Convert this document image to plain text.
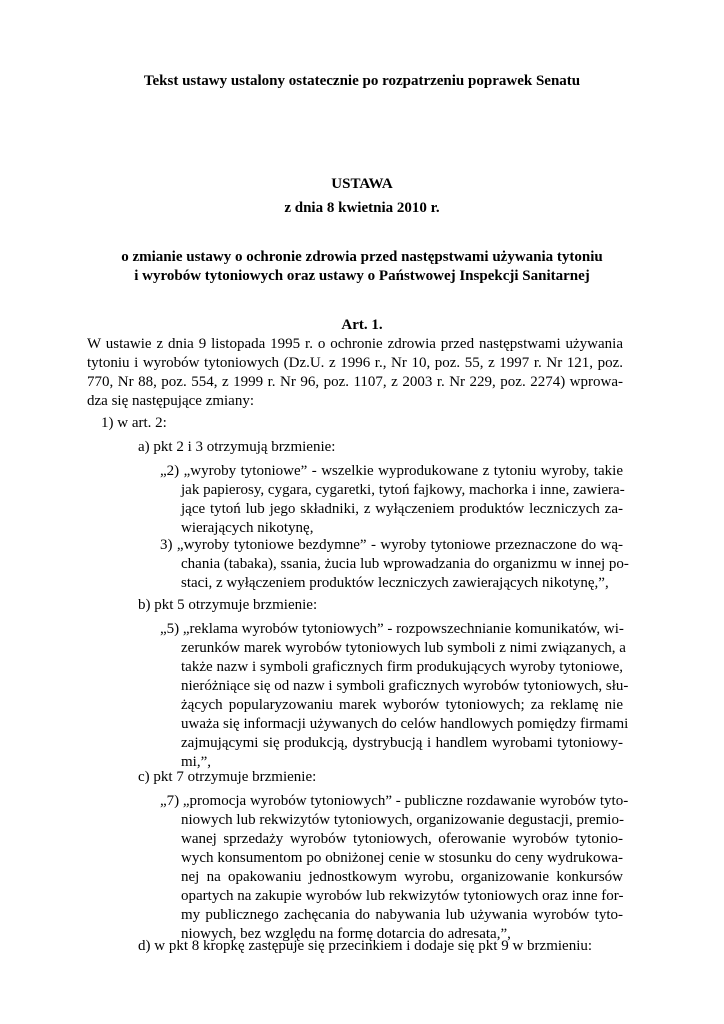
Tekst ustawy ustalony ostatecznie po rozpatrzeniu poprawek Senatu
USTAWA
z dnia 8 kwietnia 2010 r.
o zmianie ustawy o ochronie zdrowia przed następstwami używania tytoniu
i wyrobów tytoniowych oraz ustawy o Państwowej Inspekcji Sanitarnej
Art. 1.
W ustawie z dnia 9 listopada 1995 r. o ochronie zdrowia przed następstwami używania
tytoniu i wyrobów tytoniowych (Dz.U. z 1996 r., Nr 10, poz. 55, z 1997 r. Nr 121, poz.
770, Nr 88, poz. 554, z 1999 r. Nr 96, poz. 1107, z 2003 r. Nr 229, poz. 2274) wprowa-
dza się następujące zmiany:
1) w art. 2:
a) pkt 2 i 3 otrzymują brzmienie:
„2) „wyroby tytoniowe” - wszelkie wyprodukowane z tytoniu wyroby, takie
jak papierosy, cygara, cygaretki, tytoń fajkowy, machorka i inne, zawiera-
jące tytoń lub jego składniki, z wyłączeniem produktów leczniczych za-
wierających nikotynę,
3) „wyroby tytoniowe bezdymne” - wyroby tytoniowe przeznaczone do wą-
chania (tabaka), ssania, żucia lub wprowadzania do organizmu w innej po-
staci, z wyłączeniem produktów leczniczych zawierających nikotynę,”,
b) pkt 5 otrzymuje brzmienie:
„5) „reklama wyrobów tytoniowych” - rozpowszechnianie komunikatów, wi-
zerunków marek wyrobów tytoniowych lub symboli z nimi związanych, a
także nazw i symboli graficznych firm produkujących wyroby tytoniowe,
nieróżniące się od nazw i symboli graficznych wyrobów tytoniowych, słu-
żących popularyzowaniu marek wyborów tytoniowych; za reklamę nie
uważa się informacji używanych do celów handlowych pomiędzy firmami
zajmującymi się produkcją, dystrybucją i handlem wyrobami tytoniowy-
mi,”,
c) pkt 7 otrzymuje brzmienie:
„7) „promocja wyrobów tytoniowych” - publiczne rozdawanie wyrobów tyto-
niowych lub rekwizytów tytoniowych, organizowanie degustacji, premio-
wanej sprzedaży wyrobów tytoniowych, oferowanie wyrobów tytonio-
wych konsumentom po obniżonej cenie w stosunku do ceny wydrukowa-
nej na opakowaniu jednostkowym wyrobu, organizowanie konkursów
opartych na zakupie wyrobów lub rekwizytów tytoniowych oraz inne for-
my publicznego zachęcania do nabywania lub używania wyrobów tyto-
niowych, bez względu na formę dotarcia do adresata,”,
d) w pkt 8 kropkę zastępuje się przecinkiem i dodaje się pkt 9 w brzmieniu:
